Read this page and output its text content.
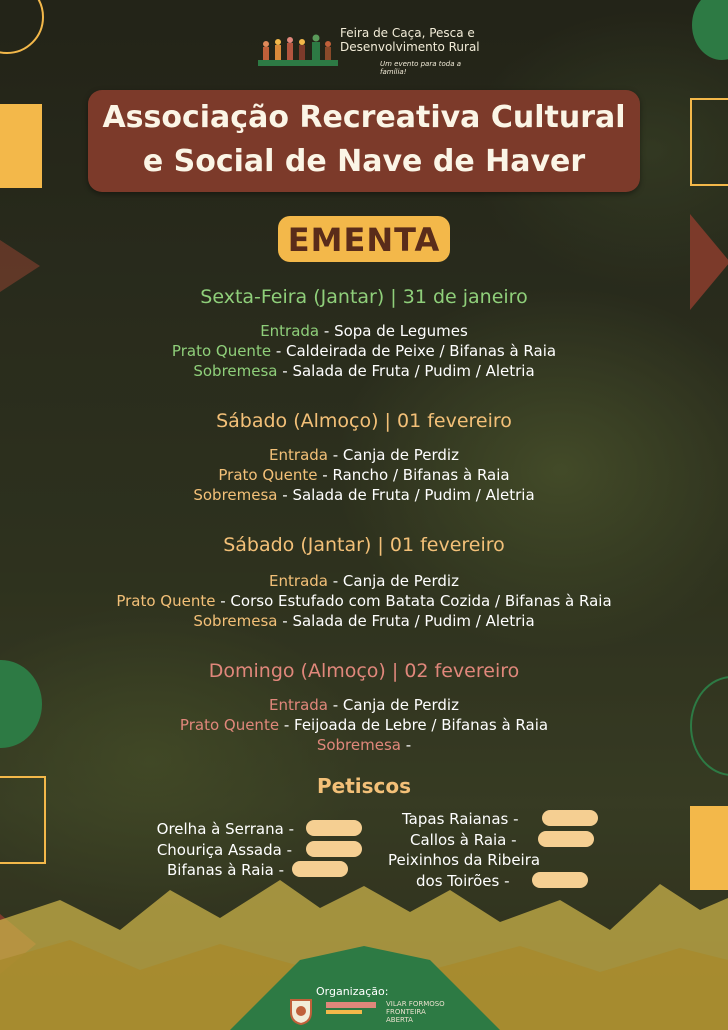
Feira de Caça, Pesca e Desenvolvimento Rural
Um evento para toda a família!
Associação Recreativa Cultural
e Social de Nave de Haver
EMENTA
Sexta-Feira (Jantar) | 31 de janeiro
Entrada - Sopa de Legumes
Prato Quente - Caldeirada de Peixe / Bifanas à Raia
Sobremesa - Salada de Fruta / Pudim / Aletria
Sábado (Almoço) | 01 fevereiro
Entrada - Canja de Perdiz
Prato Quente - Rancho / Bifanas à Raia
Sobremesa - Salada de Fruta / Pudim / Aletria
Sábado (Jantar) | 01 fevereiro
Entrada - Canja de Perdiz
Prato Quente - Corso Estufado com Batata Cozida / Bifanas à Raia
Sobremesa - Salada de Fruta / Pudim / Aletria
Domingo (Almoço) | 02 fevereiro
Entrada - Canja de Perdiz
Prato Quente - Feijoada de Lebre / Bifanas à Raia
Sobremesa -
Petiscos
Orelha à Serrana -
Chouriça Assada -
Bifanas à Raia -
Tapas Raianas -
Callos à Raia -
Peixinhos da Ribeira
dos Toirões -
Organização:
VILAR FORMOSO FRONTEIRA ABERTA
